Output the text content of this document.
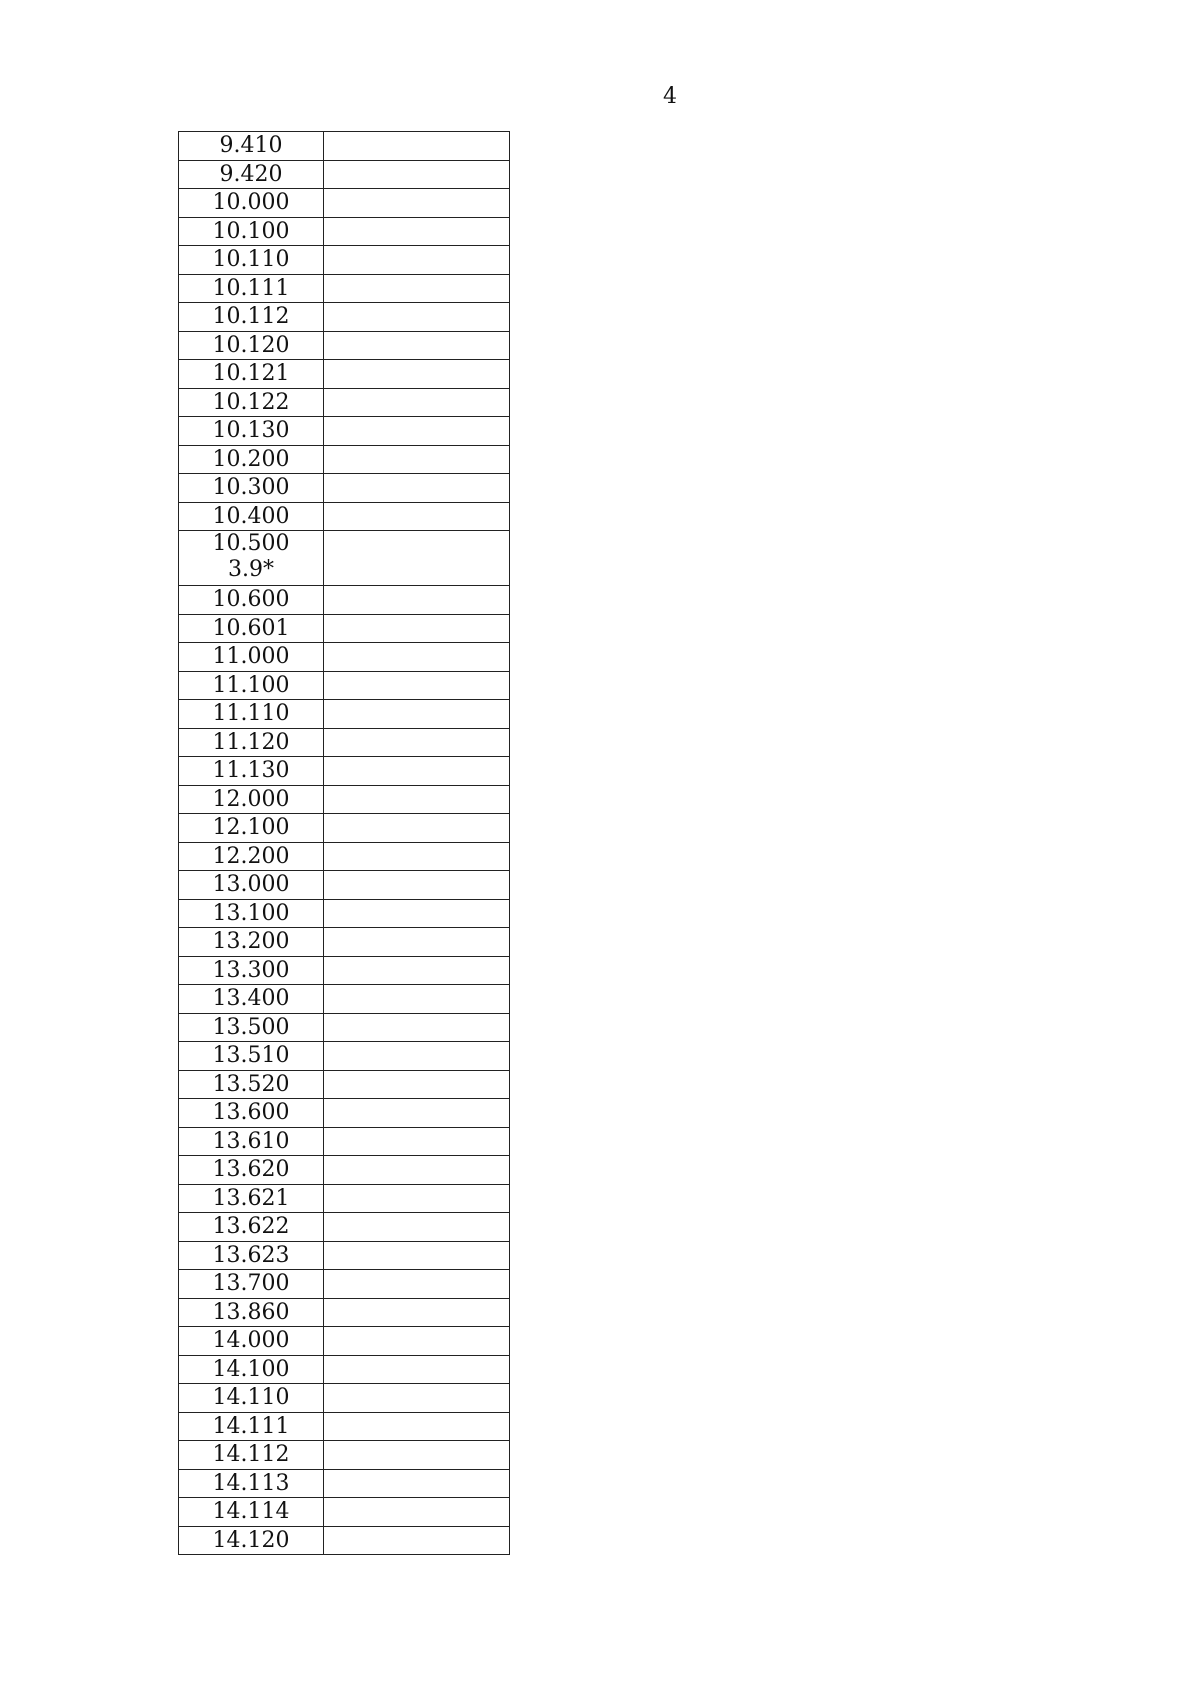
4
9.410
9.420
10.000
10.100
10.110
10.111
10.112
10.120
10.121
10.122
10.130
10.200
10.300
10.400
10.500
3.9*
10.600
10.601
11.000
11.100
11.110
11.120
11.130
12.000
12.100
12.200
13.000
13.100
13.200
13.300
13.400
13.500
13.510
13.520
13.600
13.610
13.620
13.621
13.622
13.623
13.700
13.860
14.000
14.100
14.110
14.111
14.112
14.113
14.114
14.120
